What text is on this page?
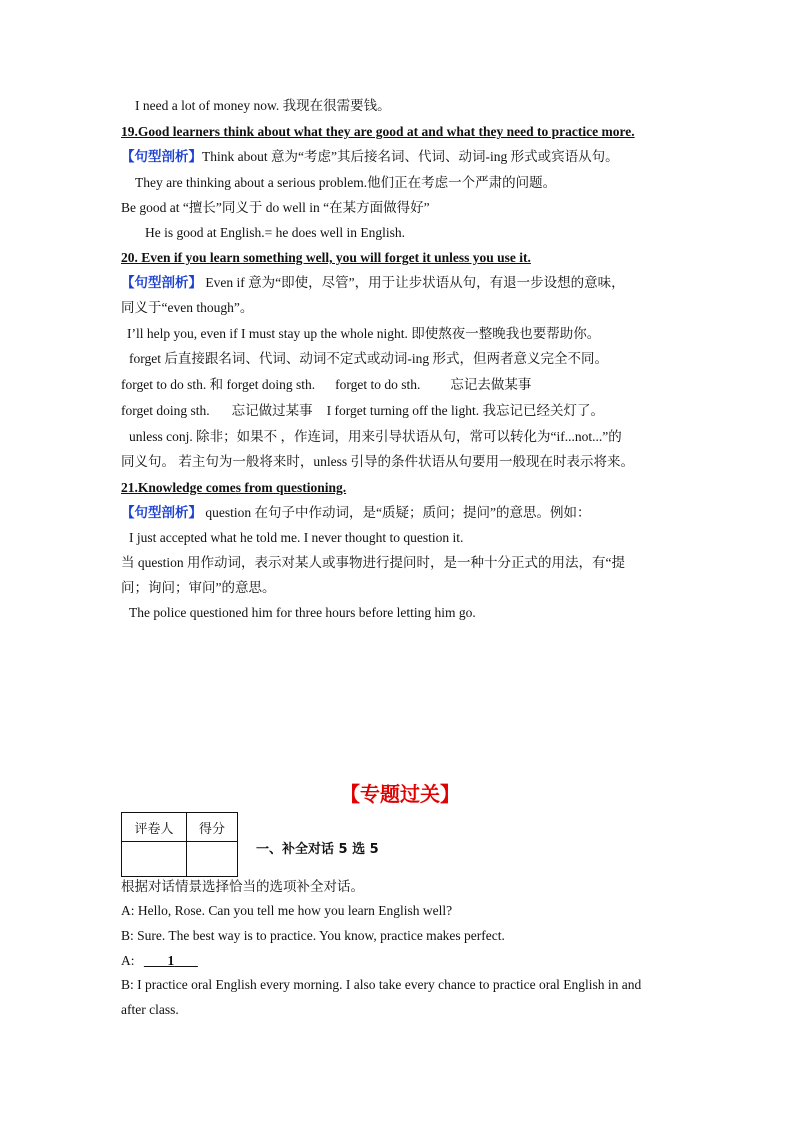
I need a lot of money now. 我现在很需要钱。
19.Good learners think about what they are good at and what they need to practice more.
【句型剖析】Think about 意为“考虑”其后接名词、代词、动词-ing 形式或宾语从句。
They are thinking about a serious problem.他们正在考虑一个严肃的问题。
Be good at “擅长”同义于 do well in “在某方面做得好”
He is good at English.= he does well in English.
20. Even if you learn something well, you will forget it unless you use it.
【句型剖析】 Even if 意为“即使，尽管”，用于让步状语从句，有退一步设想的意味，
同义于“even though”。
I’ll help you, even if I must stay up the whole night. 即使熬夜一整晚我也要帮助你。
forget 后直接跟名词、代词、动词不定式或动词-ing 形式，但两者意义完全不同。
forget to do sth. 和 forget doing sth. forget to do sth. 忘记去做某事
forget doing sth. 忘记做过某事 I forget turning off the light. 我忘记已经关灯了。
unless conj. 除非；如果不 ，作连词，用来引导状语从句，常可以转化为“if...not...”的
同义句。 若主句为一般将来时，unless 引导的条件状语从句要用一般现在时表示将来。
21.Knowledge comes from questioning.
【句型剖析】 question 在句子中作动词，是“质疑；质问；提问”的意思。例如：
I just accepted what he told me. I never thought to question it.
当 question 用作动词，表示对某人或事物进行提问时，是一种十分正式的用法，有“提
问；询问；审问”的意思。
The police questioned him for three hours before letting him go.
【专题过关】
评卷人	得分

一、补全对话 5 选 5
根据对话情景选择恰当的选项补全对话。
A: Hello, Rose. Can you tell me how you learn English well?
B: Sure. The best way is to practice. You know, practice makes perfect.
A:        1
B: I practice oral English every morning. I also take every chance to practice oral English in and
after class.
